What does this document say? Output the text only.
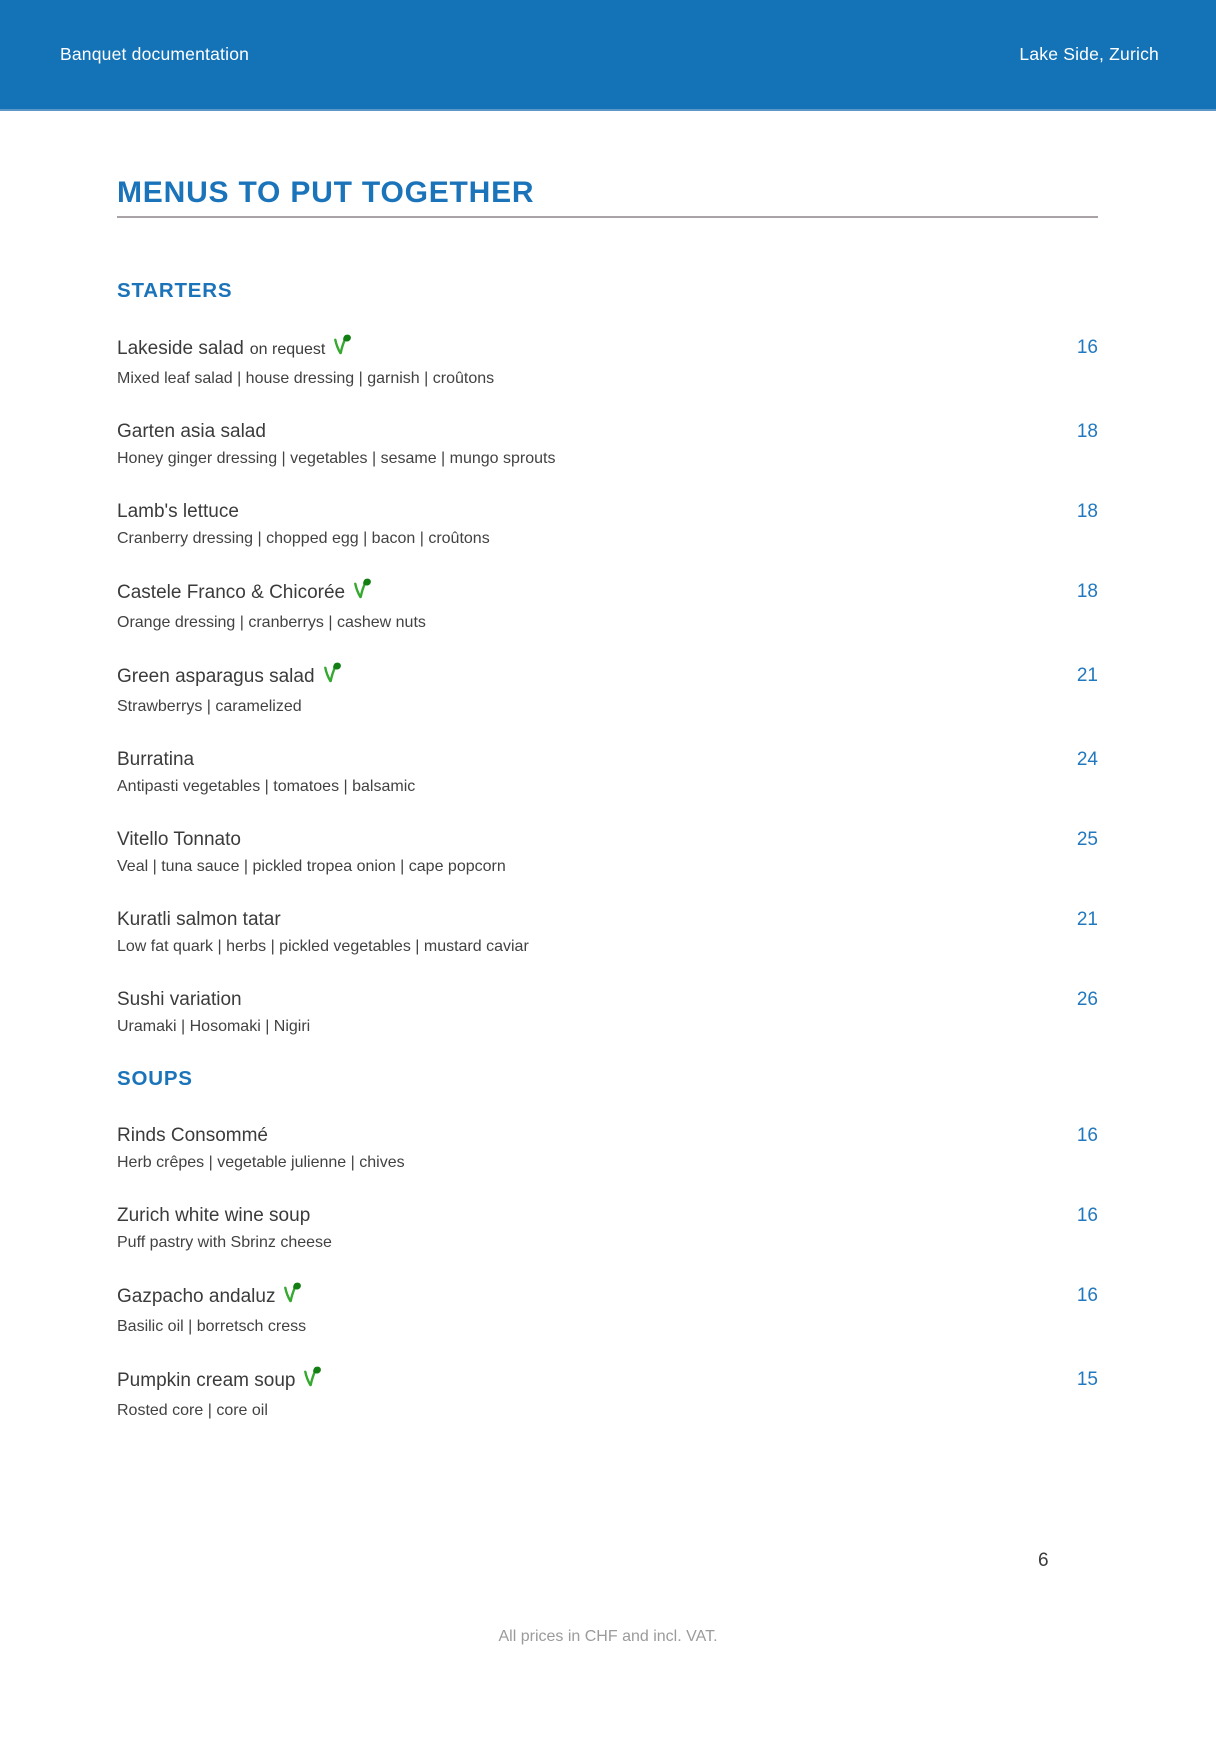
Banquet documentation	Lake Side, Zurich
MENUS TO PUT TOGETHER
STARTERS
Lakeside salad on request
Mixed leaf salad | house dressing | garnish | croûtons
16
Garten asia salad
Honey ginger dressing | vegetables | sesame | mungo sprouts
18
Lamb's lettuce
Cranberry dressing | chopped egg | bacon | croûtons
18
Castele Franco & Chicorée
Orange dressing | cranberrys | cashew nuts
18
Green asparagus salad
Strawberrys | caramelized
21
Burratina
Antipasti vegetables | tomatoes | balsamic
24
Vitello Tonnato
Veal | tuna sauce | pickled tropea onion | cape popcorn
25
Kuratli salmon tatar
Low fat quark | herbs | pickled vegetables | mustard caviar
21
Sushi variation
Uramaki | Hosomaki | Nigiri
26
SOUPS
Rinds Consommé
Herb crêpes | vegetable julienne | chives
16
Zurich white wine soup
Puff pastry with Sbrinz cheese
16
Gazpacho andaluz
Basilic oil | borretsch cress
16
Pumpkin cream soup
Rosted core | core oil
15
6
All prices in CHF and incl. VAT.
